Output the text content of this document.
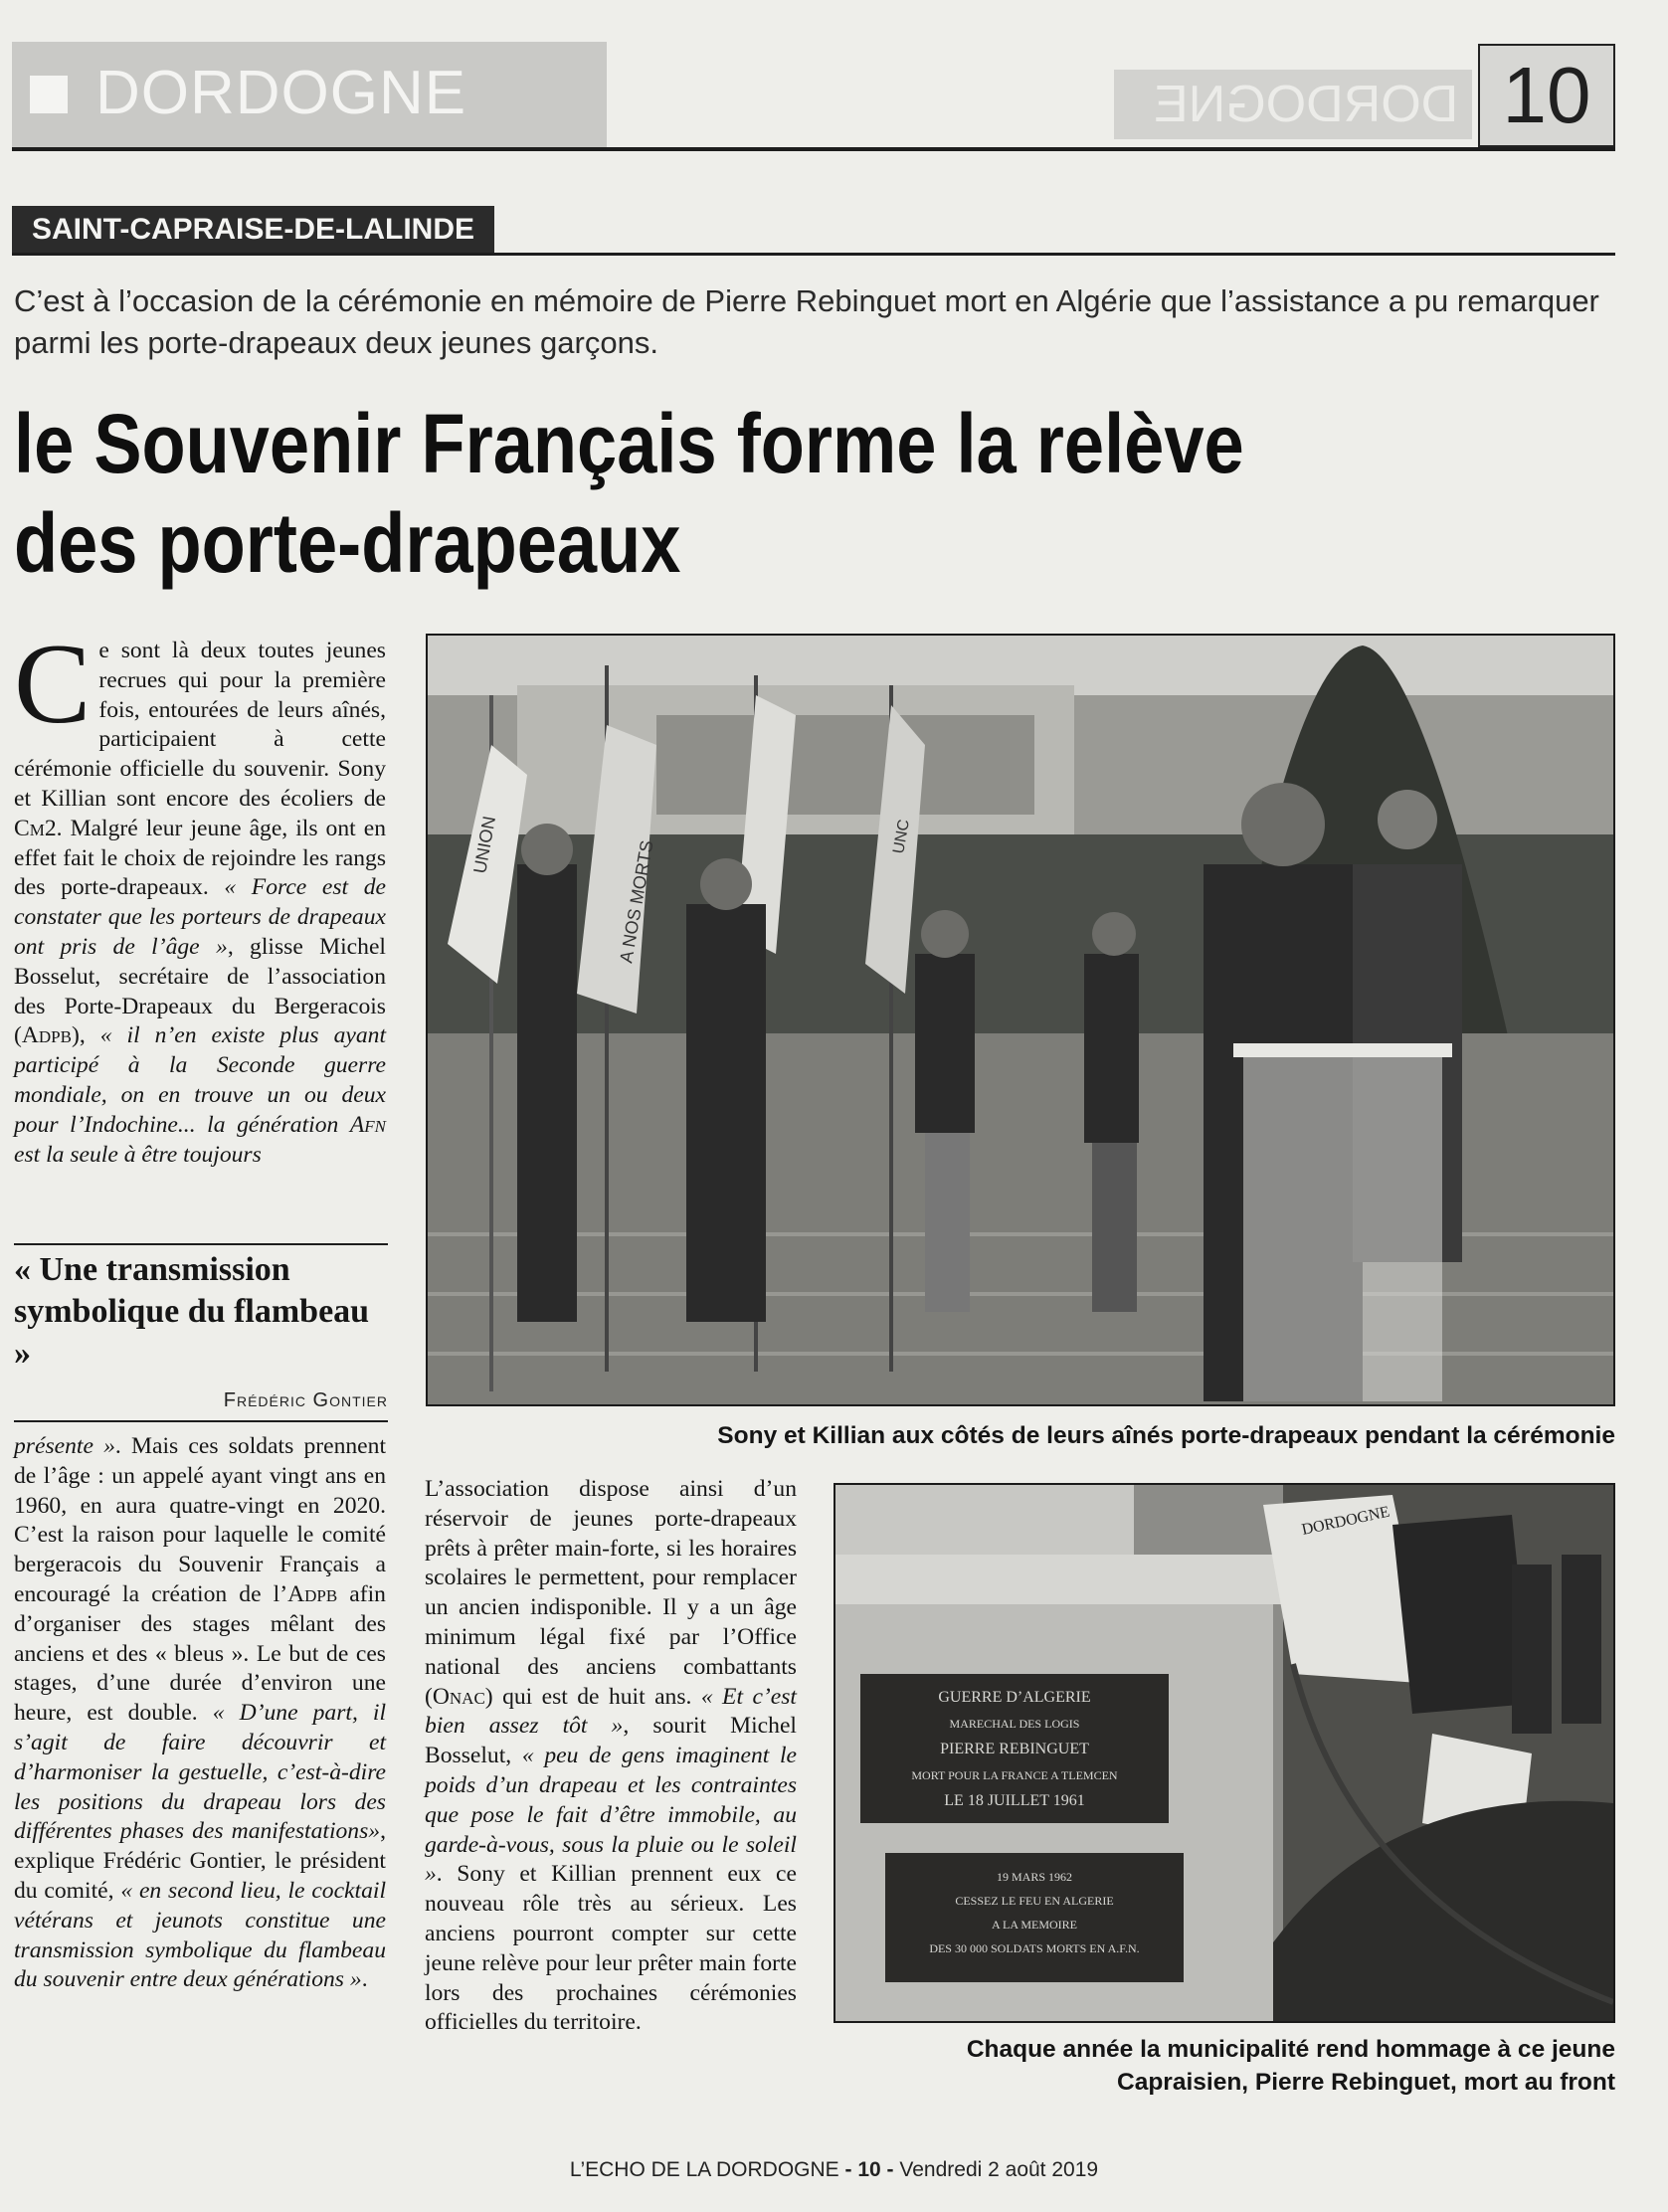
DORDOGNE	DORDOGNE 10
SAINT-CAPRAISE-DE-LALINDE
C’est à l’occasion de la cérémonie en mémoire de Pierre Rebinguet mort en Algérie que l’assistance a pu remarquer parmi les porte-drapeaux deux jeunes garçons.
le Souvenir Français forme la relève
des porte-drapeaux

Ce sont là deux toutes jeunes recrues qui pour la première fois, entourées de leurs aînés, participaient à cette cérémonie officielle du souvenir. Sony et Killian sont encore des écoliers de Cm2. Malgré leur jeune âge, ils ont en effet fait le choix de rejoindre les rangs des porte-drapeaux. « Force est de constater que les porteurs de drapeaux ont pris de l’âge », glisse Michel Bosselut, secrétaire de l’association des Porte-Drapeaux du Bergeracois (Adpb), « il n’en existe plus ayant participé à la Seconde guerre mondiale, on en trouve un ou deux pour l’Indochine... la génération Afn est la seule à être toujours

« Une transmission symbolique du flambeau »
Frédéric Gontier

présente ». Mais ces soldats prennent de l’âge : un appelé ayant vingt ans en 1960, en aura quatre-vingt en 2020. C’est la raison pour laquelle le comité bergeracois du Souvenir Français a encouragé la création de l’Adpb afin d’organiser des stages mêlant des anciens et des « bleus ». Le but de ces stages, d’une durée d’environ une heure, est double. « D’une part, il s’agit de faire découvrir et d’harmoniser la gestuelle, c’est-à-dire les positions du drapeau lors des différentes phases des manifestations», explique Frédéric Gontier, le président du comité, « en second lieu, le cocktail vétérans et jeunots constitue une transmission symbolique du flambeau du souvenir entre deux générations ».

L’association dispose ainsi d’un réservoir de jeunes porte-drapeaux prêts à prêter main-forte, si les horaires scolaires le permettent, pour remplacer un ancien indisponible. Il y a un âge minimum légal fixé par l’Office national des anciens combattants (Onac) qui est de huit ans. « Et c’est bien assez tôt », sourit Michel Bosselut, « peu de gens imaginent le poids d’un drapeau et les contraintes que pose le fait d’être immobile, au garde-à-vous, sous la pluie ou le soleil ». Sony et Killian prennent eux ce nouveau rôle très au sérieux. Les anciens pourront compter sur cette jeune relève pour leur prêter main forte lors des prochaines cérémonies officielles du territoire.

UNION	A NOS MORTS
UNC
Sony et Killian aux côtés de leurs aînés porte-drapeaux pendant la cérémonie
DORDOGNE
GUERRE D’ALGERIE
MARECHAL DES LOGIS
PIERRE REBINGUET
MORT POUR LA FRANCE A TLEMCEN
LE 18 JUILLET 1961
19 MARS 1962
CESSEZ LE FEU EN ALGERIE
A LA MEMOIRE
DES 30 000 SOLDATS MORTS EN A.F.N.
Chaque année la municipalité rend hommage à ce jeune
Capraisien, Pierre Rebinguet, mort au front
L’ECHO DE LA DORDOGNE - 10 - Vendredi 2 août 2019
